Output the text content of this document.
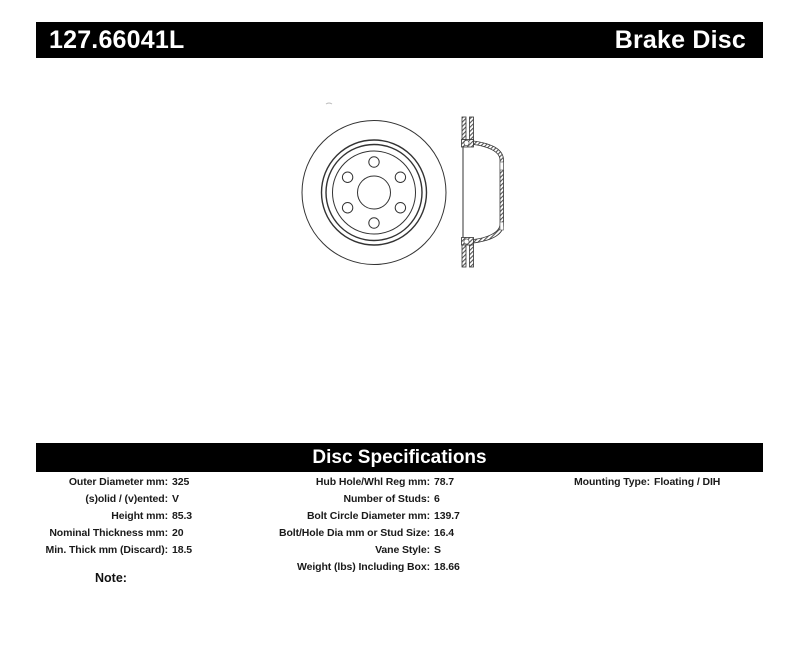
127.66041L	Brake Disc
Disc Specifications
Outer Diameter mm: 325
(s)olid / (v)ented: V
Height mm: 85.3
Nominal Thickness mm: 20
Min. Thick mm (Discard): 18.5
Hub Hole/Whl Reg mm: 78.7
Number of Studs: 6
Bolt Circle Diameter mm: 139.7
Bolt/Hole Dia mm or Stud Size: 16.4
Vane Style: S
Weight (lbs) Including Box: 18.66
Mounting Type: Floating / DIH
Note:
